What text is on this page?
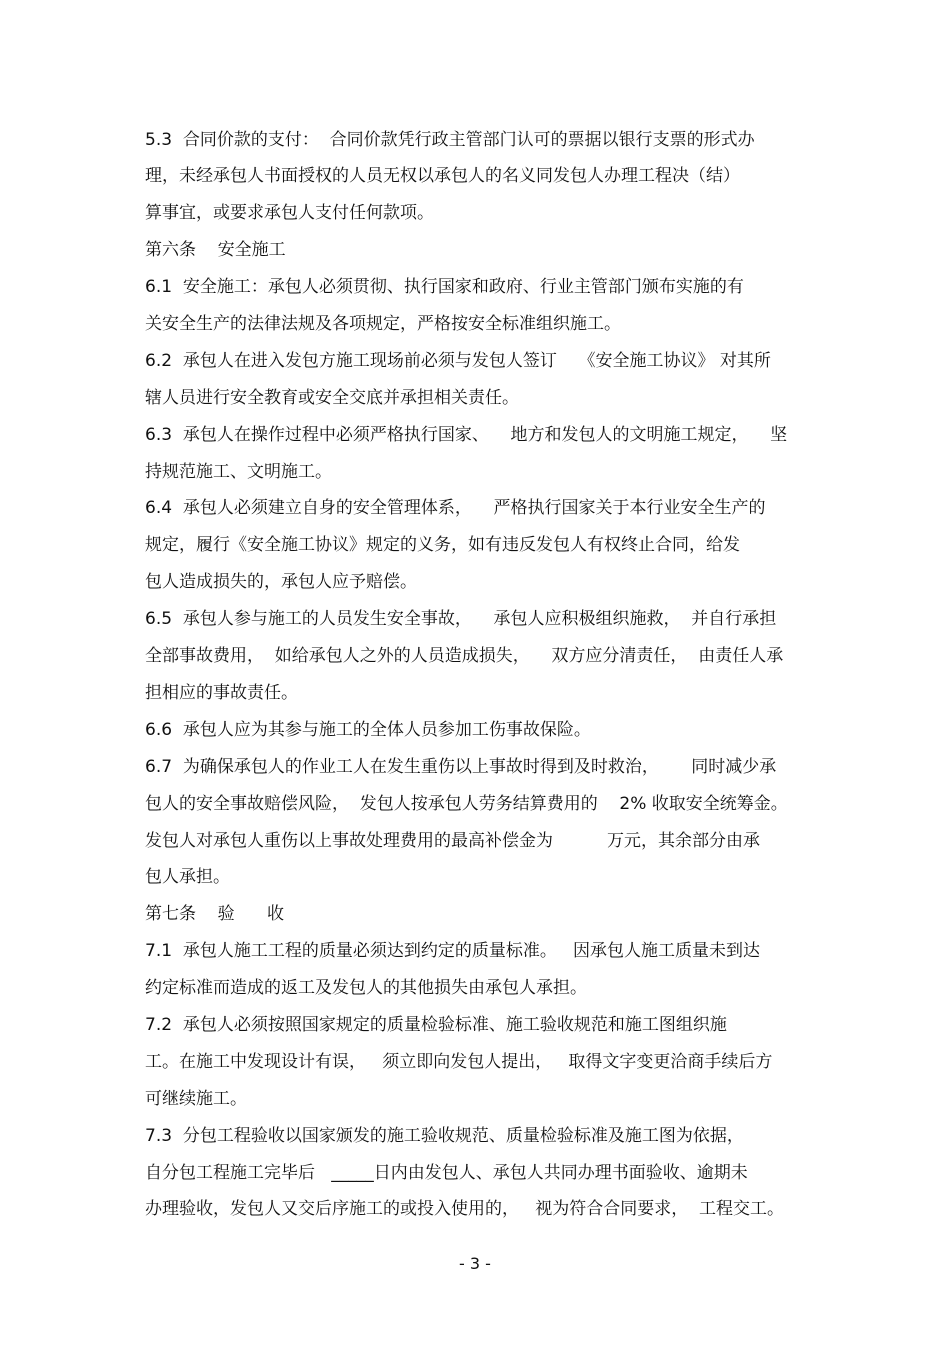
5.3  合同价款的支付：  合同价款凭行政主管部门认可的票据以银行支票的形式办
理，未经承包人书面授权的人员无权以承包人的名义同发包人办理工程决（结）
算事宜，或要求承包人支付任何款项。
第六条    安全施工
6.1  安全施工：承包人必须贯彻、执行国家和政府、行业主管部门颁布实施的有
关安全生产的法律法规及各项规定，严格按安全标准组织施工。
6.2  承包人在进入发包方施工现场前必须与发包人签订    《安全施工协议》 对其所
辖人员进行安全教育或安全交底并承担相关责任。
6.3  承包人在操作过程中必须严格执行国家、    地方和发包人的文明施工规定，    坚
持规范施工、文明施工。
6.4  承包人必须建立自身的安全管理体系，    严格执行国家关于本行业安全生产的
规定，履行《安全施工协议》规定的义务，如有违反发包人有权终止合同，给发
包人造成损失的，承包人应予赔偿。
6.5  承包人参与施工的人员发生安全事故，    承包人应积极组织施救，  并自行承担
全部事故费用，  如给承包人之外的人员造成损失，    双方应分清责任，  由责任人承
担相应的事故责任。
6.6  承包人应为其参与施工的全体人员参加工伤事故保险。
6.7  为确保承包人的作业工人在发生重伤以上事故时得到及时救治，      同时减少承
包人的安全事故赔偿风险，  发包人按承包人劳务结算费用的    2% 收取安全统筹金。
发包人对承包人重伤以上事故处理费用的最高补偿金为          万元，其余部分由承
包人承担。
第七条    验      收
7.1  承包人施工工程的质量必须达到约定的质量标准。   因承包人施工质量未到达
约定标准而造成的返工及发包人的其他损失由承包人承担。
7.2  承包人必须按照国家规定的质量检验标准、施工验收规范和施工图组织施
工。在施工中发现设计有误，   须立即向发包人提出，   取得文字变更洽商手续后方
可继续施工。
7.3  分包工程验收以国家颁发的施工验收规范、质量检验标准及施工图为依据，
自分包工程施工完毕后   _____日内由发包人、承包人共同办理书面验收、逾期未
办理验收，发包人又交后序施工的或投入使用的，   视为符合合同要求，  工程交工。
- 3 -
